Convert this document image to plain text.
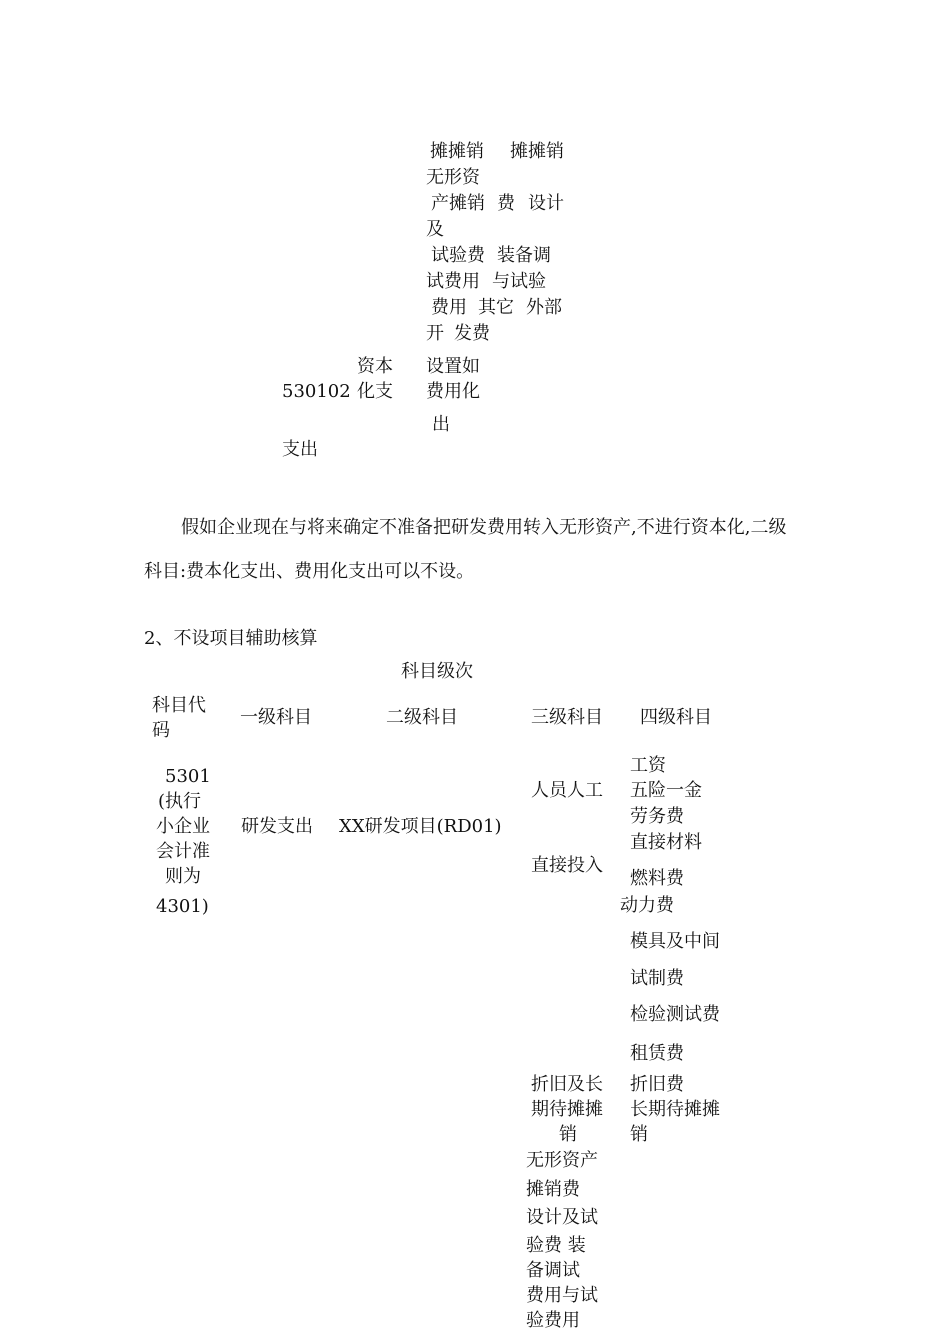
摊摊销 摊摊销

无形资

产摊销 费 设计

及

试验费 装备调

试费用 与试验

费用 其它 外部

开 发费

资本 设置如

530102 化支 费用化

出

支出

假如企业现在与将来确定不准备把研发费用转入无形资产,不进行资本化,二级科目:费本化支出、费用化支出可以不设。

2、不设项目辅助核算

科目级次

科目代

码

一级科目	二级科目	三级科目 四级科目

5301

(执行

小企业

会计准

则为

4301)

研发支出 XX研发项目(RD01)

人员人工

直接投入

折旧及长

期待摊摊

销

无形资产

摊销费

设计及试

验费 装

备调试

费用与试

验费用

工资

五险一金

劳务费

直接材料

燃料费

动力费

模具及中间

试制费

检验测试费

租赁费

折旧费

长期待摊摊

销
